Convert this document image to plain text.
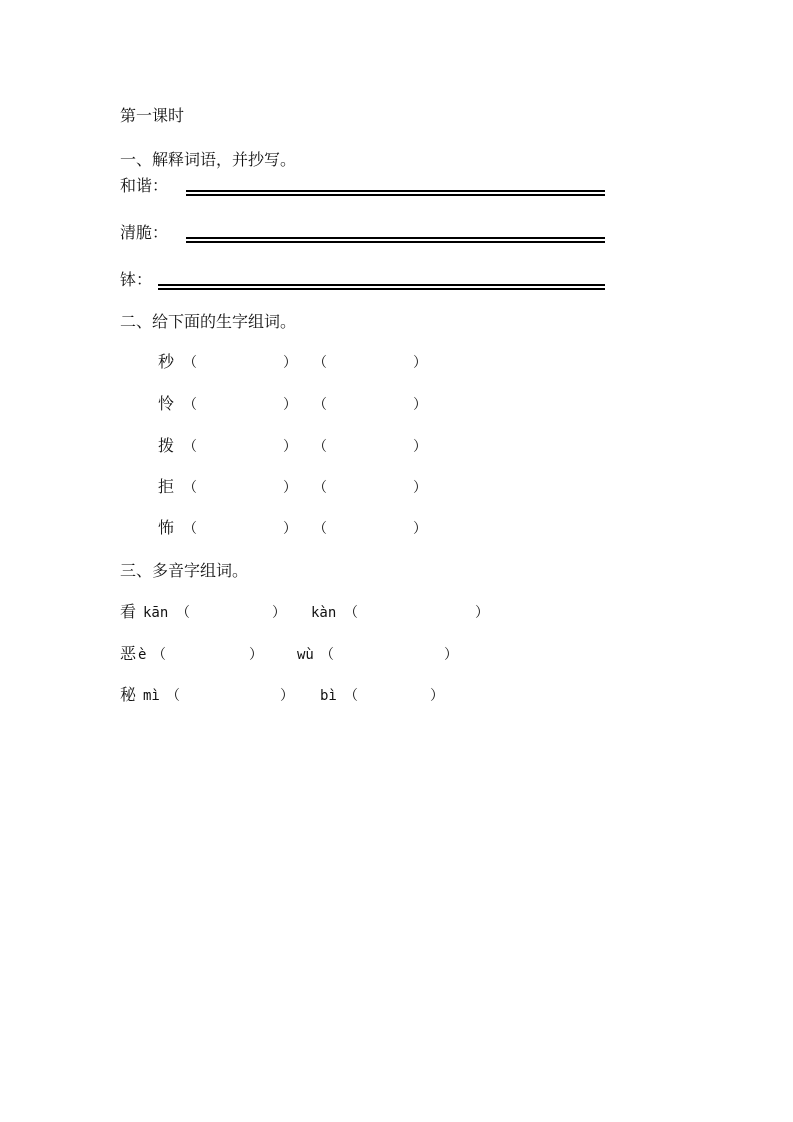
第一课时
一、解释词语，并抄写。
和谐：
清脆：
钵：
二、给下面的生字组词。
秒 （	） （	）
怜 （	） （	）
拨 （	） （	）
拒 （	） （	）
怖 （	） （	）
三、多音字组词。
看 kān （	） kàn （	）
恶 è （	） wù （	）
秘 mì （	） bì （	）
